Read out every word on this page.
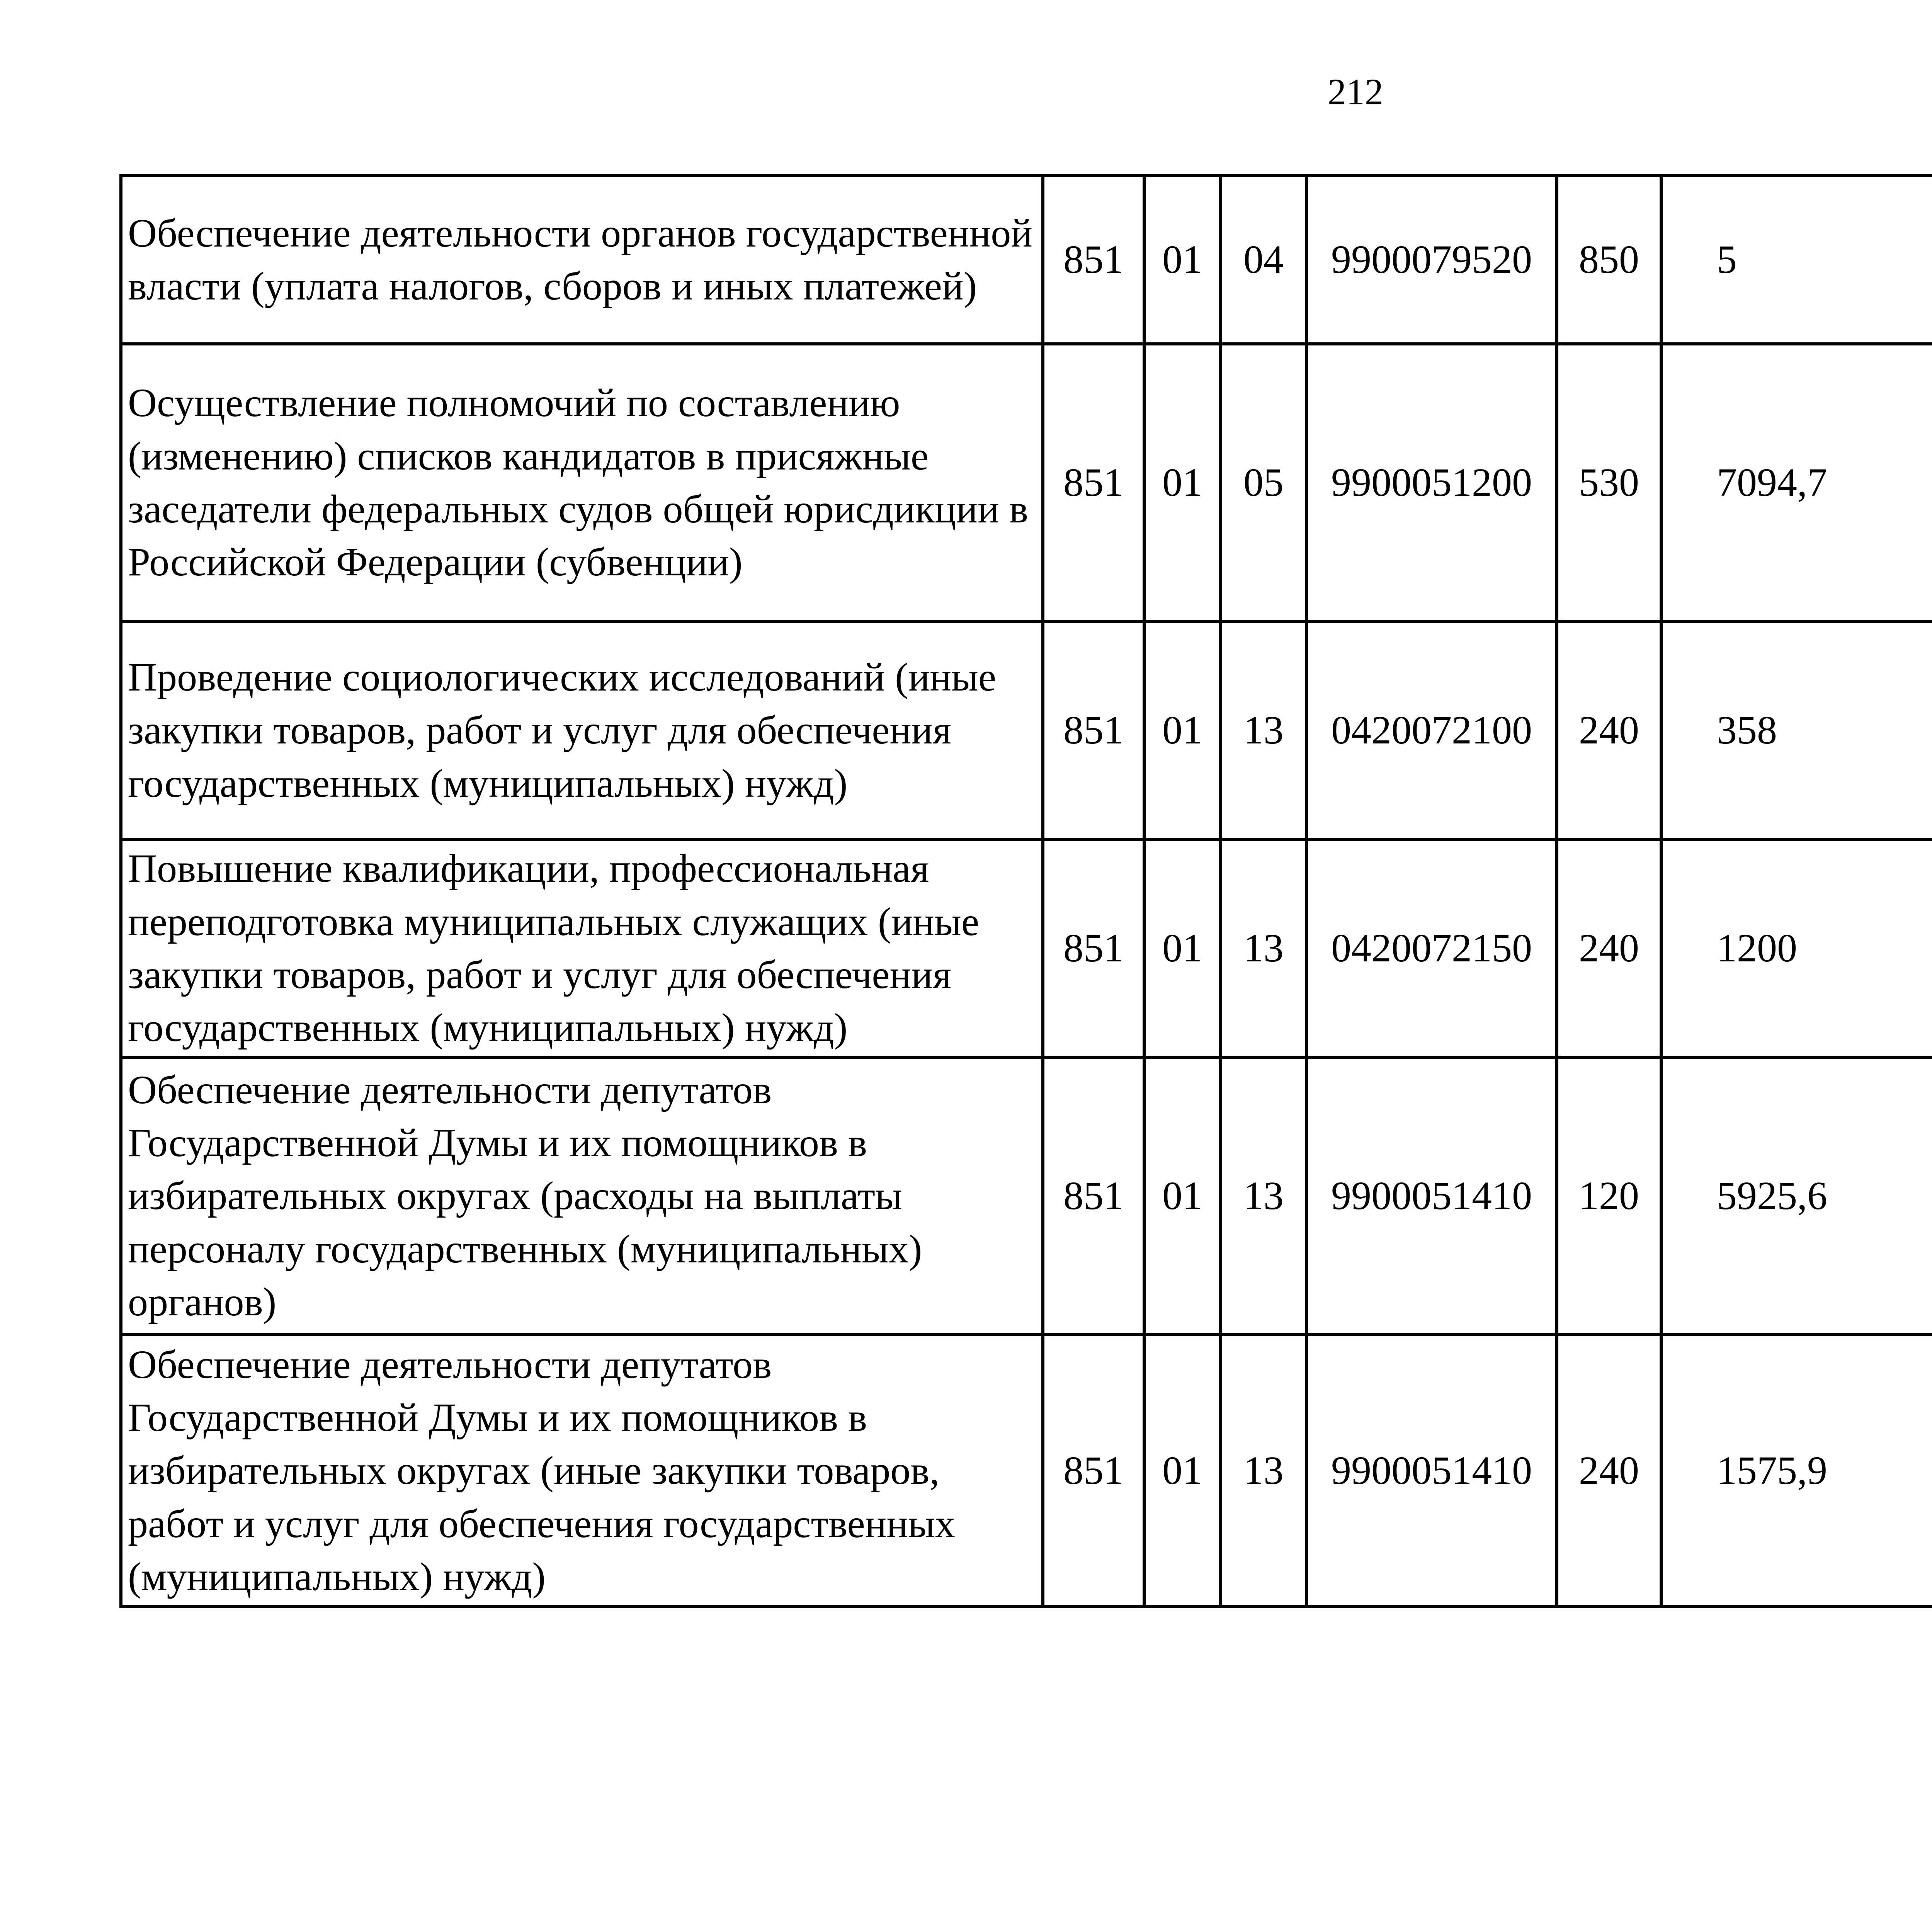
212
Обеспечение деятельности органов государственной власти (уплата налогов, сборов и иных платежей)	851	01	04	9900079520	850	5		
Осуществление полномочий по составлению (изменению) списков кандидатов в присяжные заседатели федеральных судов общей юрисдикции в Российской Федерации (субвенции)	851	01	05	9900051200	530	7094,7		
Проведение социологических исследований (иные закупки товаров, работ и услуг для обеспечения государственных (муниципальных) нужд)	851	01	13	0420072100	240	358		
Повышение квалификации, профессиональная переподготовка муниципальных служащих (иные закупки товаров, работ и услуг для обеспечения государственных (муниципальных) нужд)	851	01	13	0420072150	240	1200		
Обеспечение деятельности депутатов Государственной Думы и их помощников в избирательных округах (расходы на выплаты персоналу государственных (муниципальных) органов)	851	01	13	9900051410	120	5925,6		
Обеспечение деятельности депутатов Государственной Думы и их помощников в избирательных округах (иные закупки товаров, работ и услуг для обеспечения государственных (муниципальных) нужд)	851	01	13	9900051410	240	1575,9		
